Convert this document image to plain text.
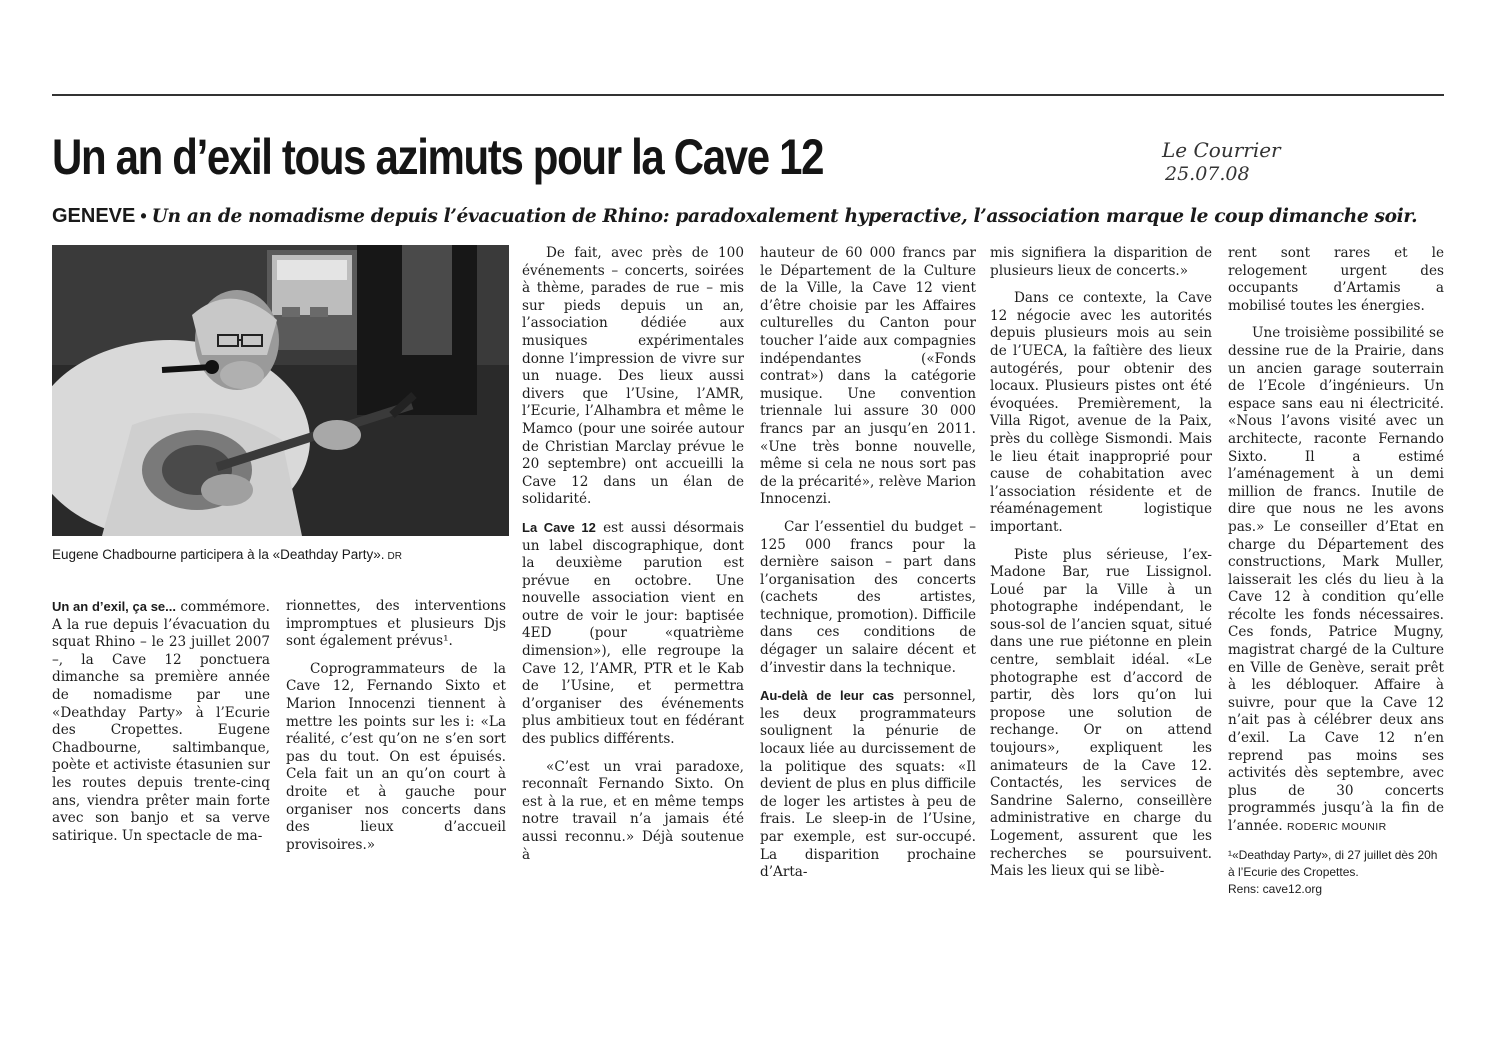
Un an d’exil tous azimuts pour la Cave 12	Le Courrier
25.07.08
GENEVE • Un an de nomadisme depuis l’évacuation de Rhino: paradoxalement hyperactive, l’association marque le coup dimanche soir.
Eugene Chadbourne participera à la «Deathday Party». DR

Un an d’exil, ça se... commémore. A la rue depuis l’évacuation du squat Rhino – le 23 juillet 2007 –, la Cave 12 ponctuera dimanche sa première année de nomadisme par une «Deathday Party» à l’Ecurie des Cropettes. Eugene Chadbourne, saltimbanque, poète et activiste étasunien sur les routes depuis trente-cinq ans, viendra prêter main forte avec son banjo et sa verve satirique. Un spectacle de ma-

rionnettes, des interventions impromptues et plusieurs Djs sont également prévus¹.

Coprogrammateurs de la Cave 12, Fernando Sixto et Marion Innocenzi tiennent à mettre les points sur les i: «La réalité, c’est qu’on ne s’en sort pas du tout. On est épuisés. Cela fait un an qu’on court à droite et à gauche pour organiser nos concerts dans des lieux d’accueil provisoires.»

De fait, avec près de 100 événements – concerts, soirées à thème, parades de rue – mis sur pieds depuis un an, l’association dédiée aux musiques expérimentales donne l’impression de vivre sur un nuage. Des lieux aussi divers que l’Usine, l’AMR, l’Ecurie, l’Alhambra et même le Mamco (pour une soirée autour de Christian Marclay prévue le 20 septembre) ont accueilli la Cave 12 dans un élan de solidarité.

La Cave 12 est aussi désormais un label discographique, dont la deuxième parution est prévue en octobre. Une nouvelle association vient en outre de voir le jour: baptisée 4ED (pour «quatrième dimension»), elle regroupe la Cave 12, l’AMR, PTR et le Kab de l’Usine, et permettra d’organiser des événements plus ambitieux tout en fédérant des publics différents.

«C’est un vrai paradoxe, reconnaît Fernando Sixto. On est à la rue, et en même temps notre travail n’a jamais été aussi reconnu.» Déjà soutenue à

hauteur de 60 000 francs par le Département de la Culture de la Ville, la Cave 12 vient d’être choisie par les Affaires culturelles du Canton pour toucher l’aide aux compagnies indépendantes («Fonds contrat») dans la catégorie musique. Une convention triennale lui assure 30 000 francs par an jusqu’en 2011. «Une très bonne nouvelle, même si cela ne nous sort pas de la précarité», relève Marion Innocenzi.

Car l’essentiel du budget – 125 000 francs pour la dernière saison – part dans l’organisation des concerts (cachets des artistes, technique, promotion). Difficile dans ces conditions de dégager un salaire décent et d’investir dans la technique.

Au-delà de leur cas personnel, les deux programmateurs soulignent la pénurie de locaux liée au durcissement de la politique des squats: «Il devient de plus en plus difficile de loger les artistes à peu de frais. Le sleep-in de l’Usine, par exemple, est sur-occupé. La disparition prochaine d’Arta-

mis signifiera la disparition de plusieurs lieux de concerts.»

Dans ce contexte, la Cave 12 négocie avec les autorités depuis plusieurs mois au sein de l’UECA, la faîtière des lieux autogérés, pour obtenir des locaux. Plusieurs pistes ont été évoquées. Premièrement, la Villa Rigot, avenue de la Paix, près du collège Sismondi. Mais le lieu était inapproprié pour cause de cohabitation avec l’association résidente et de réaménagement logistique important.

Piste plus sérieuse, l’ex-Madone Bar, rue Lissignol. Loué par la Ville à un photographe indépendant, le sous-sol de l’ancien squat, situé dans une rue piétonne en plein centre, semblait idéal. «Le photographe est d’accord de partir, dès lors qu’on lui propose une solution de rechange. Or on attend toujours», expliquent les animateurs de la Cave 12. Contactés, les services de Sandrine Salerno, conseillère administrative en charge du Logement, assurent que les recherches se poursuivent. Mais les lieux qui se libè-

rent sont rares et le relogement urgent des occupants d’Artamis a mobilisé toutes les énergies.

Une troisième possibilité se dessine rue de la Prairie, dans un ancien garage souterrain de l’Ecole d’ingénieurs. Un espace sans eau ni électricité. «Nous l’avons visité avec un architecte, raconte Fernando Sixto. Il a estimé l’aménagement à un demi million de francs. Inutile de dire que nous ne les avons pas.» Le conseiller d’Etat en charge du Département des constructions, Mark Muller, laisserait les clés du lieu à la Cave 12 à condition qu’elle récolte les fonds nécessaires. Ces fonds, Patrice Mugny, magistrat chargé de la Culture en Ville de Genève, serait prêt à les débloquer. Affaire à suivre, pour que la Cave 12 n’ait pas à célébrer deux ans d’exil. La Cave 12 n’en reprend pas moins ses activités dès septembre, avec plus de 30 concerts programmés jusqu’à la fin de l’année. RODERIC MOUNIR

¹«Deathday Party», di 27 juillet dès 20h à l’Ecurie des Cropettes.
Rens: cave12.org
